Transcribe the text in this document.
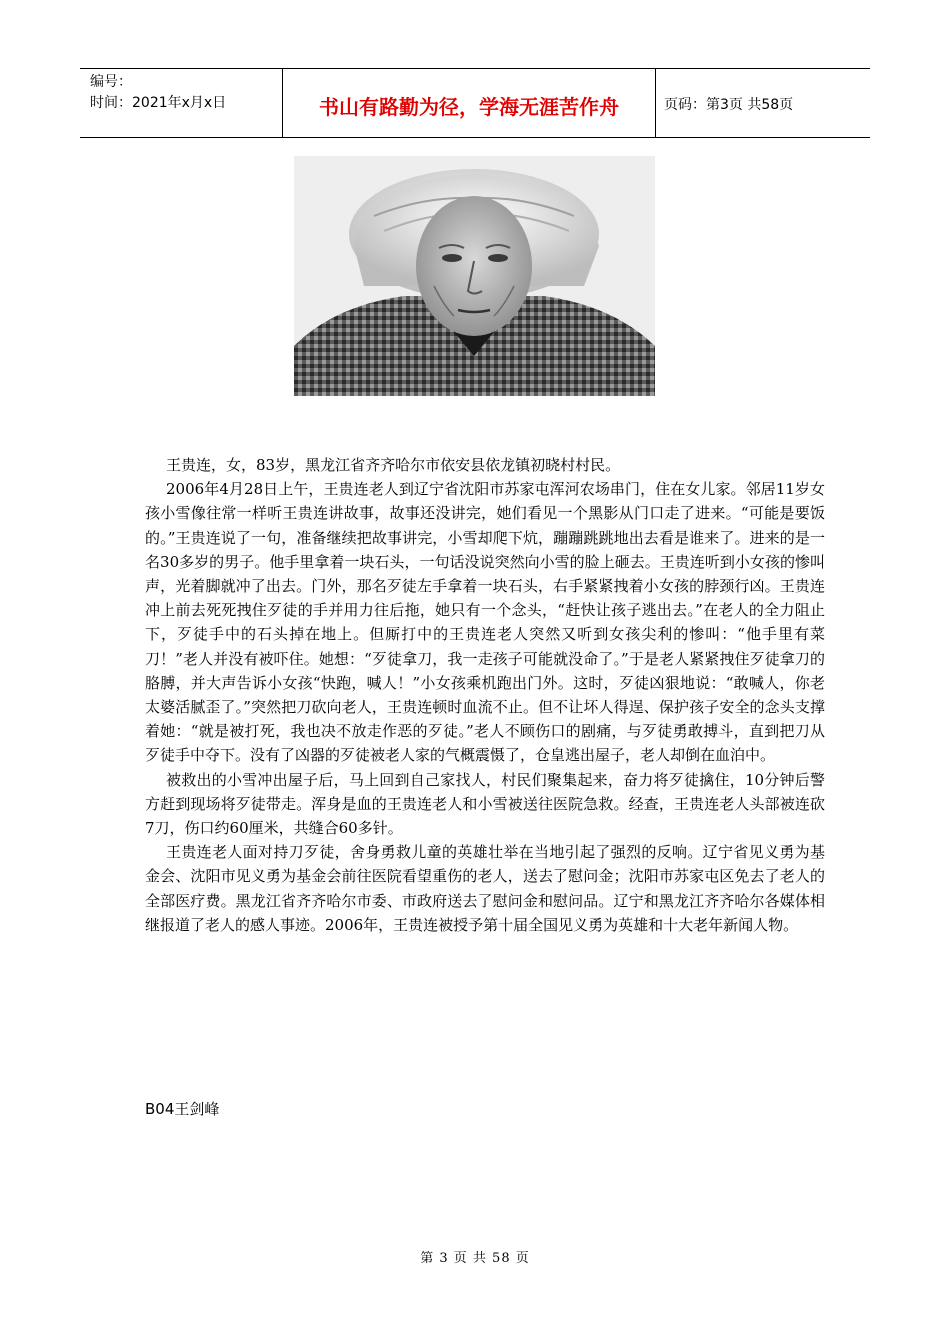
编号：
时间：2021年x月x日	书山有路勤为径，学海无涯苦作舟	页码：第3页 共58页

王贵连，女，83岁，黑龙江省齐齐哈尔市依安县依龙镇初晓村村民。

2006年4月28日上午，王贵连老人到辽宁省沈阳市苏家屯浑河农场串门，住在女儿家。邻居11岁女孩小雪像往常一样听王贵连讲故事，故事还没讲完，她们看见一个黑影从门口走了进来。“可能是要饭的。”王贵连说了一句，准备继续把故事讲完，小雪却爬下炕，蹦蹦跳跳地出去看是谁来了。进来的是一名30多岁的男子。他手里拿着一块石头，一句话没说突然向小雪的脸上砸去。王贵连听到小女孩的惨叫声，光着脚就冲了出去。门外，那名歹徒左手拿着一块石头，右手紧紧拽着小女孩的脖颈行凶。王贵连冲上前去死死拽住歹徒的手并用力往后拖，她只有一个念头，“赶快让孩子逃出去。”在老人的全力阻止下，歹徒手中的石头掉在地上。但厮打中的王贵连老人突然又听到女孩尖利的惨叫：“他手里有菜刀！”老人并没有被吓住。她想：“歹徒拿刀，我一走孩子可能就没命了。”于是老人紧紧拽住歹徒拿刀的胳膊，并大声告诉小女孩“快跑，喊人！”小女孩乘机跑出门外。这时，歹徒凶狠地说：“敢喊人，你老太婆活腻歪了。”突然把刀砍向老人，王贵连顿时血流不止。但不让坏人得逞、保护孩子安全的念头支撑着她：“就是被打死，我也决不放走作恶的歹徒。”老人不顾伤口的剧痛，与歹徒勇敢搏斗，直到把刀从歹徒手中夺下。没有了凶器的歹徒被老人家的气概震慑了，仓皇逃出屋子，老人却倒在血泊中。

被救出的小雪冲出屋子后，马上回到自己家找人，村民们聚集起来，奋力将歹徒擒住，10分钟后警方赶到现场将歹徒带走。浑身是血的王贵连老人和小雪被送往医院急救。经查，王贵连老人头部被连砍7刀，伤口约60厘米，共缝合60多针。

王贵连老人面对持刀歹徒，舍身勇救儿童的英雄壮举在当地引起了强烈的反响。辽宁省见义勇为基金会、沈阳市见义勇为基金会前往医院看望重伤的老人，送去了慰问金；沈阳市苏家屯区免去了老人的全部医疗费。黑龙江省齐齐哈尔市委、市政府送去了慰问金和慰问品。辽宁和黑龙江齐齐哈尔各媒体相继报道了老人的感人事迹。2006年，王贵连被授予第十届全国见义勇为英雄和十大老年新闻人物。

B04王剑峰
第 3 页 共 58 页
